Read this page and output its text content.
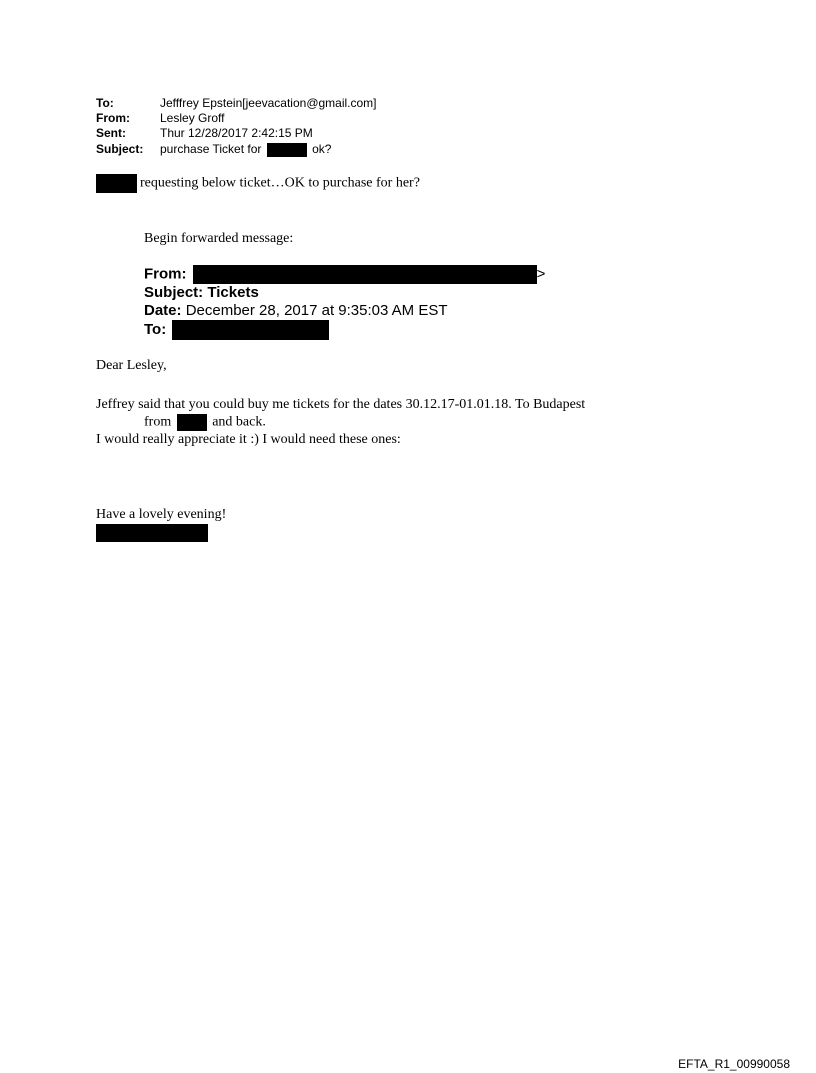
To:	Jefffrey Epstein[jeevacation@gmail.com]
From:	Lesley Groff
Sent:	Thur 12/28/2017 2:42:15 PM
Subject: purchase Ticket for	ok?
requesting below ticket…OK to purchase for her?
Begin forwarded message:
From:	>
Subject: Tickets
Date: December 28, 2017 at 9:35:03 AM EST
To:
Dear Lesley,
Jeffrey said that you could buy me tickets for the dates 30.12.17-01.01.18. To Budapest
from	and back.
I would really appreciate it :) I would need these ones:
Have a lovely evening!
EFTA_R1_00990058
